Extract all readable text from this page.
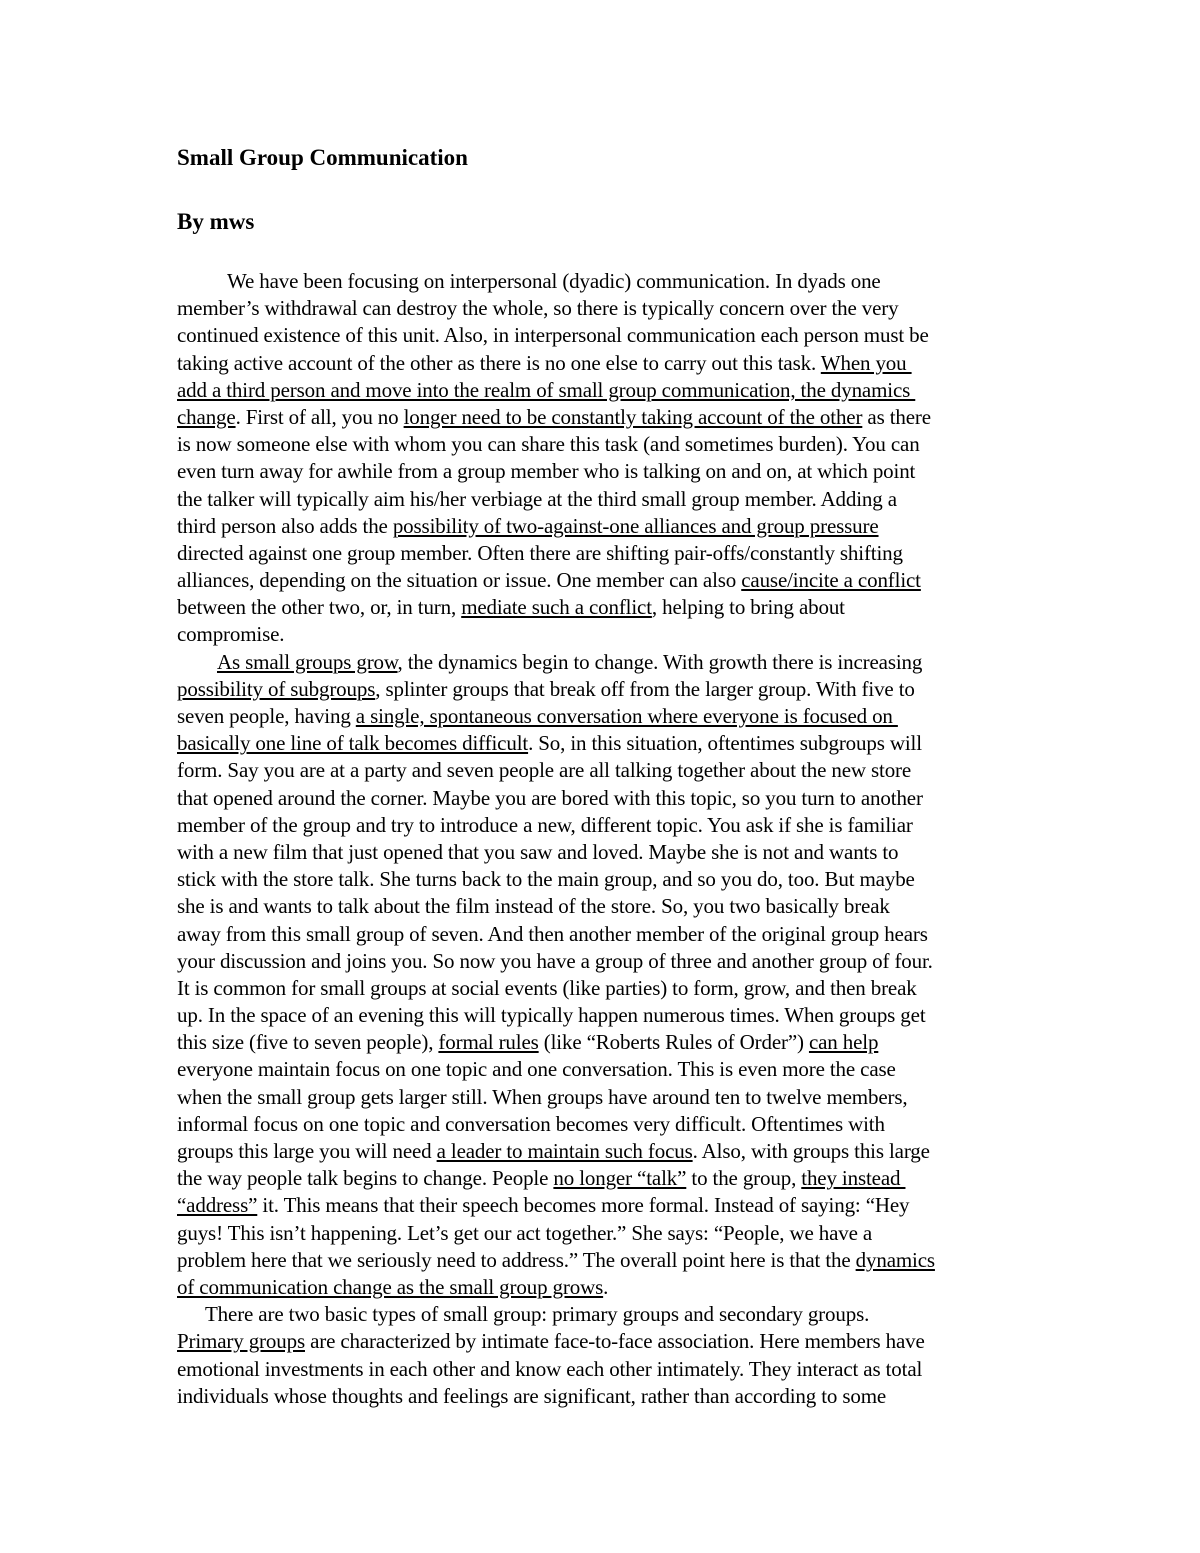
Small Group Communication
By mws
We have been focusing on interpersonal (dyadic) communication. In dyads one
member’s withdrawal can destroy the whole, so there is typically concern over the very
continued existence of this unit. Also, in interpersonal communication each person must be
taking active account of the other as there is no one else to carry out this task. When you
add a third person and move into the realm of small group communication, the dynamics
change. First of all, you no longer need to be constantly taking account of the other as there
is now someone else with whom you can share this task (and sometimes burden). You can
even turn away for awhile from a group member who is talking on and on, at which point
the talker will typically aim his/her verbiage at the third small group member. Adding a
third person also adds the possibility of two-against-one alliances and group pressure
directed against one group member. Often there are shifting pair-offs/constantly shifting
alliances, depending on the situation or issue. One member can also cause/incite a conflict
between the other two, or, in turn, mediate such a conflict, helping to bring about
compromise.
As small groups grow, the dynamics begin to change. With growth there is increasing
possibility of subgroups, splinter groups that break off from the larger group. With five to
seven people, having a single, spontaneous conversation where everyone is focused on
basically one line of talk becomes difficult. So, in this situation, oftentimes subgroups will
form. Say you are at a party and seven people are all talking together about the new store
that opened around the corner. Maybe you are bored with this topic, so you turn to another
member of the group and try to introduce a new, different topic. You ask if she is familiar
with a new film that just opened that you saw and loved. Maybe she is not and wants to
stick with the store talk. She turns back to the main group, and so you do, too. But maybe
she is and wants to talk about the film instead of the store. So, you two basically break
away from this small group of seven. And then another member of the original group hears
your discussion and joins you. So now you have a group of three and another group of four.
It is common for small groups at social events (like parties) to form, grow, and then break
up. In the space of an evening this will typically happen numerous times. When groups get
this size (five to seven people), formal rules (like “Roberts Rules of Order”) can help
everyone maintain focus on one topic and one conversation. This is even more the case
when the small group gets larger still. When groups have around ten to twelve members,
informal focus on one topic and conversation becomes very difficult. Oftentimes with
groups this large you will need a leader to maintain such focus. Also, with groups this large
the way people talk begins to change. People no longer “talk” to the group, they instead
“address” it. This means that their speech becomes more formal. Instead of saying: “Hey
guys! This isn’t happening. Let’s get our act together.” She says: “People, we have a
problem here that we seriously need to address.” The overall point here is that the dynamics
of communication change as the small group grows.
There are two basic types of small group: primary groups and secondary groups.
Primary groups are characterized by intimate face-to-face association. Here members have
emotional investments in each other and know each other intimately. They interact as total
individuals whose thoughts and feelings are significant, rather than according to some
